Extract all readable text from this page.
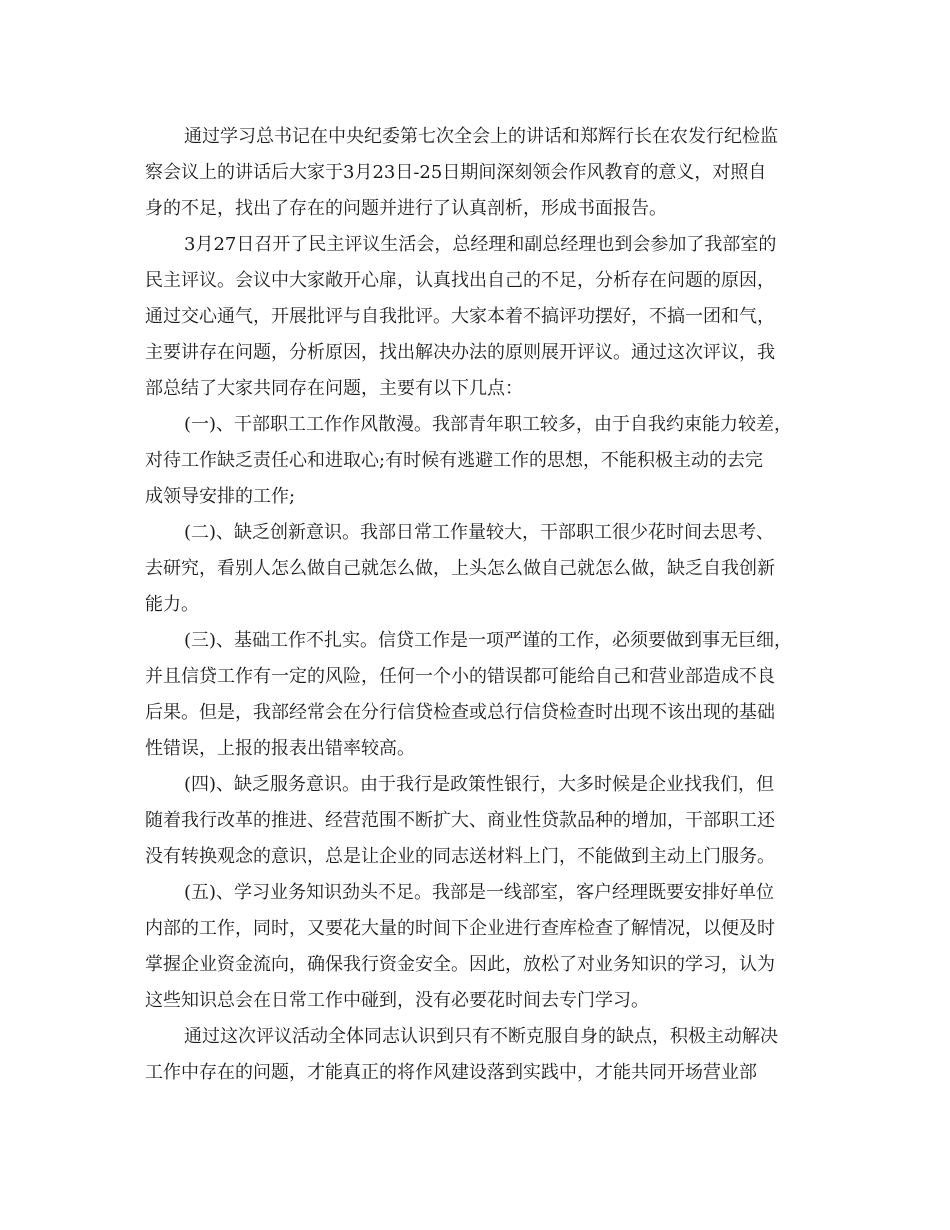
通过学习总书记在中央纪委第七次全会上的讲话和郑辉行长在农发行纪检监
察会议上的讲话后大家于3月23日-25日期间深刻领会作风教育的意义，对照自
身的不足，找出了存在的问题并进行了认真剖析，形成书面报告。
3月27日召开了民主评议生活会，总经理和副总经理也到会参加了我部室的
民主评议。会议中大家敞开心扉，认真找出自己的不足，分析存在问题的原因，
通过交心通气，开展批评与自我批评。大家本着不搞评功摆好，不搞一团和气，
主要讲存在问题，分析原因，找出解决办法的原则展开评议。通过这次评议，我
部总结了大家共同存在问题，主要有以下几点：
(一)、干部职工工作作风散漫。我部青年职工较多，由于自我约束能力较差，
对待工作缺乏责任心和进取心;有时候有逃避工作的思想，不能积极主动的去完
成领导安排的工作;
(二)、缺乏创新意识。我部日常工作量较大，干部职工很少花时间去思考、
去研究，看别人怎么做自己就怎么做，上头怎么做自己就怎么做，缺乏自我创新
能力。
(三)、基础工作不扎实。信贷工作是一项严谨的工作，必须要做到事无巨细，
并且信贷工作有一定的风险，任何一个小的错误都可能给自己和营业部造成不良
后果。但是，我部经常会在分行信贷检查或总行信贷检查时出现不该出现的基础
性错误，上报的报表出错率较高。
(四)、缺乏服务意识。由于我行是政策性银行，大多时候是企业找我们，但
随着我行改革的推进、经营范围不断扩大、商业性贷款品种的增加，干部职工还
没有转换观念的意识，总是让企业的同志送材料上门，不能做到主动上门服务。
(五)、学习业务知识劲头不足。我部是一线部室，客户经理既要安排好单位
内部的工作，同时，又要花大量的时间下企业进行查库检查了解情况，以便及时
掌握企业资金流向，确保我行资金安全。因此，放松了对业务知识的学习，认为
这些知识总会在日常工作中碰到，没有必要花时间去专门学习。
通过这次评议活动全体同志认识到只有不断克服自身的缺点，积极主动解决
工作中存在的问题，才能真正的将作风建设落到实践中，才能共同开场营业部
